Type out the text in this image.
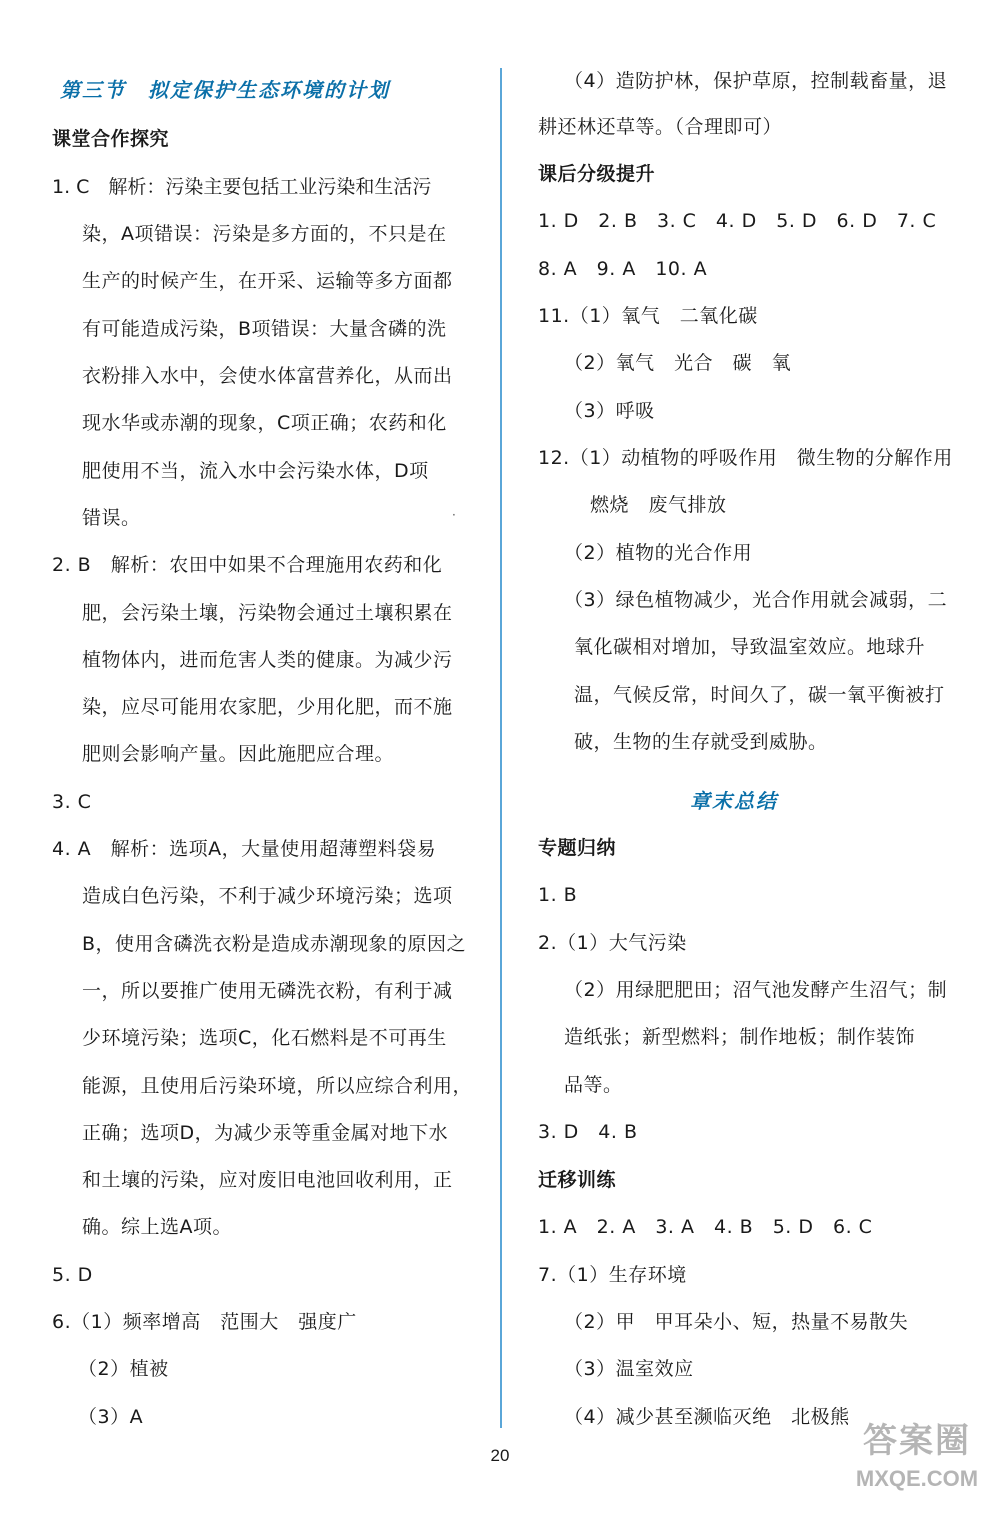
第三节　拟定保护生态环境的计划
课堂合作探究
1. C　解析：污染主要包括工业污染和生活污
染，A项错误：污染是多方面的，不只是在
生产的时候产生，在开采、运输等多方面都
有可能造成污染，B项错误：大量含磷的洗
衣粉排入水中，会使水体富营养化，从而出
现水华或赤潮的现象，C项正确；农药和化
肥使用不当，流入水中会污染水体，D项
错误。	·
2. B　解析：农田中如果不合理施用农药和化
肥，会污染土壤，污染物会通过土壤积累在
植物体内，进而危害人类的健康。为减少污
染，应尽可能用农家肥，少用化肥，而不施
肥则会影响产量。因此施肥应合理。
3. C
4. A　解析：选项A，大量使用超薄塑料袋易
造成白色污染，不利于减少环境污染；选项
B，使用含磷洗衣粉是造成赤潮现象的原因之
一，所以要推广使用无磷洗衣粉，有利于减
少环境污染；选项C，化石燃料是不可再生
能源，且使用后污染环境，所以应综合利用，
正确；选项D，为减少汞等重金属对地下水
和土壤的污染，应对废旧电池回收利用，正
确。综上选A项。
5. D
6.（1）频率增高　范围大　强度广
（2）植被
（3）A
（4）造防护林，保护草原，控制载畜量，退
耕还林还草等。（合理即可）
课后分级提升
1. D　2. B　3. C　4. D　5. D　6. D　7. C
8. A　9. A　10. A
11.（1）氧气　二氧化碳
（2）氧气　光合　碳　氧
（3）呼吸
12.（1）动植物的呼吸作用　微生物的分解作用
燃烧　废气排放
（2）植物的光合作用
（3）绿色植物减少，光合作用就会减弱，二
氧化碳相对增加，导致温室效应。地球升
温，气候反常，时间久了，碳一氧平衡被打
破，生物的生存就受到威胁。
章末总结
专题归纳
1. B
2.（1）大气污染
（2）用绿肥肥田；沼气池发酵产生沼气；制
造纸张；新型燃料；制作地板；制作装饰
品等。
3. D　4. B
迁移训练
1. A　2. A　3. A　4. B　5. D　6. C
7.（1）生存环境
（2）甲　甲耳朵小、短，热量不易散失
（3）温室效应
（4）减少甚至濒临灭绝　北极熊
20	答案圈
MXQE.COM
